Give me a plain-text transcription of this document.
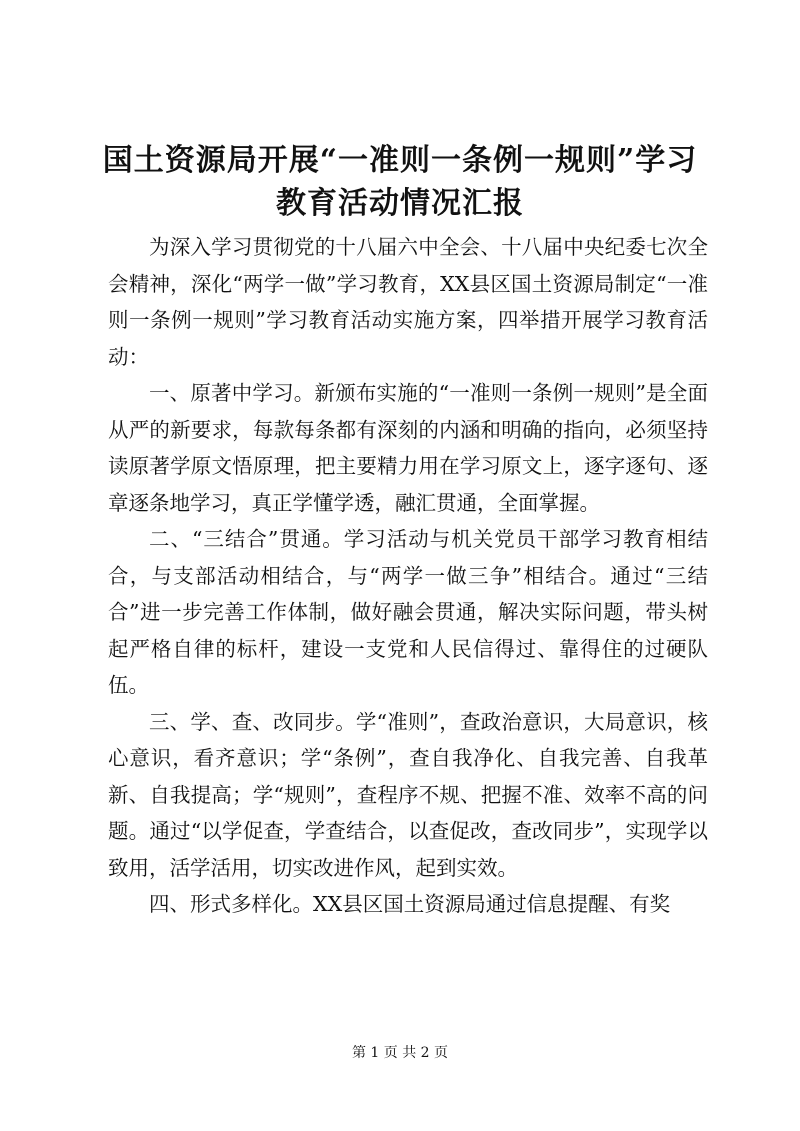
国土资源局开展“一准则一条例一规则”学习
教育活动情况汇报

为深入学习贯彻党的十八届六中全会、十八届中央纪委七次全会精神，深化“两学一做”学习教育，XX县区国土资源局制定“一准则一条例一规则”学习教育活动实施方案，四举措开展学习教育活动：

一、原著中学习。新颁布实施的“一准则一条例一规则”是全面从严的新要求，每款每条都有深刻的内涵和明确的指向，必须坚持读原著学原文悟原理，把主要精力用在学习原文上，逐字逐句、逐章逐条地学习，真正学懂学透，融汇贯通，全面掌握。

二、“三结合”贯通。学习活动与机关党员干部学习教育相结合，与支部活动相结合，与“两学一做三争”相结合。通过“三结合”进一步完善工作体制，做好融会贯通，解决实际问题，带头树起严格自律的标杆，建设一支党和人民信得过、靠得住的过硬队伍。

三、学、查、改同步。学“准则”，查政治意识，大局意识，核心意识，看齐意识；学“条例”，查自我净化、自我完善、自我革新、自我提高；学“规则”，查程序不规、把握不准、效率不高的问题。通过“以学促查，学查结合，以查促改，查改同步”，实现学以致用，活学活用，切实改进作风，起到实效。

四、形式多样化。XX县区国土资源局通过信息提醒、有奖

第 1 页 共 2 页
